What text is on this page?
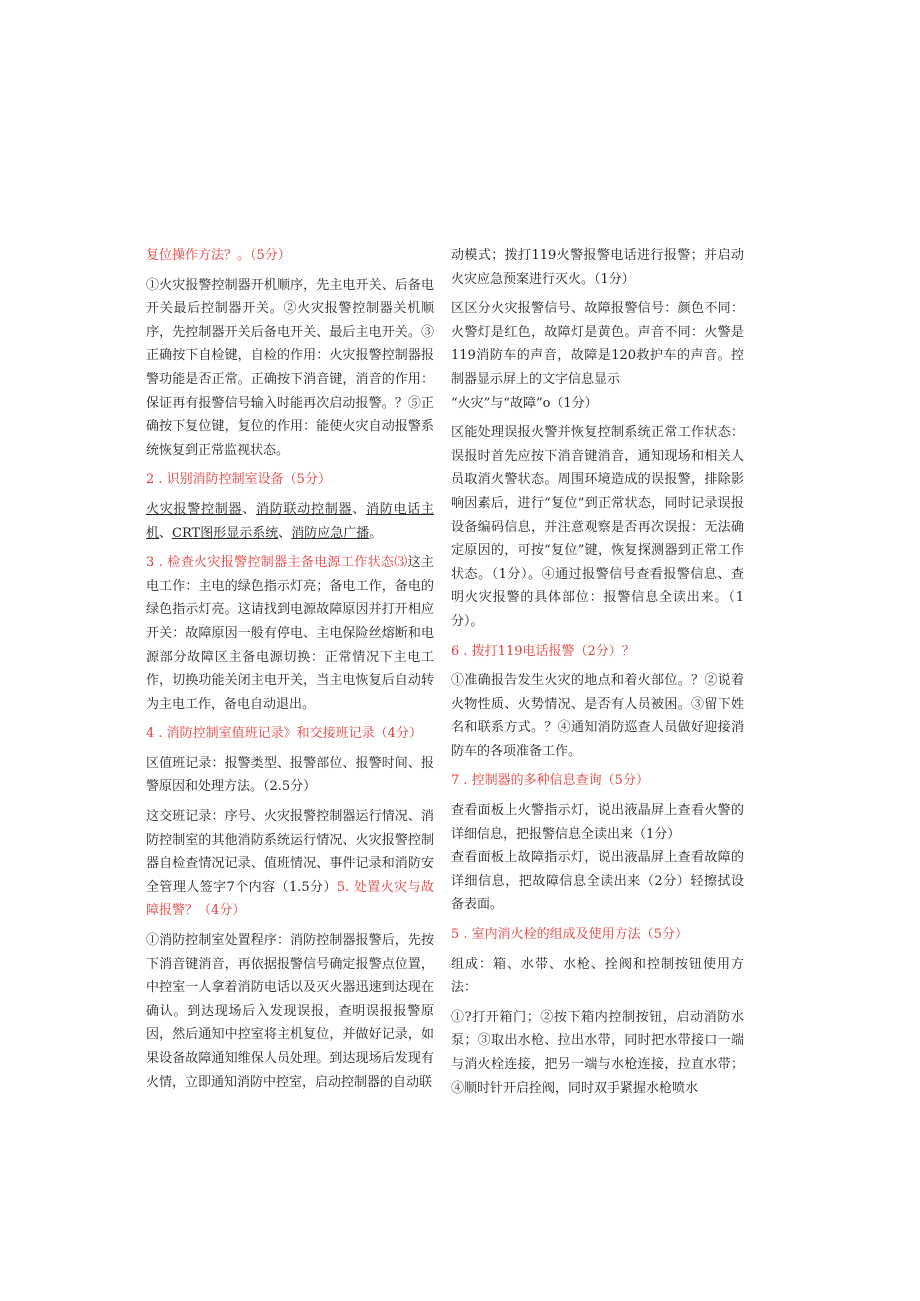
复位操作方法？。（5分）

①火灾报警控制器开机顺序，先主电开关、后备电开关最后控制器开关。②火灾报警控制器关机顺序，先控制器开关后备电开关、最后主电开关。③正确按下自检键，自检的作用：火灾报警控制器报警功能是否正常。正确按下消音键，消音的作用：保证再有报警信号输入时能再次启动报警。？⑤正确按下复位键，复位的作用：能使火灾自动报警系统恢复到正常监视状态。

2 . 识别消防控制室设备（5分）

火灾报警控制器、消防联动控制器、消防电话主机、CRT图形显示系统、消防应急广播。

3 . 检查火灾报警控制器主备电源工作状态⑶这主电工作：主电的绿色指示灯亮；备电工作，备电的绿色指示灯亮。这请找到电源故障原因并打开相应开关：故障原因一般有停电、主电保险丝熔断和电源部分故障区主备电源切换：正常情况下主电工作，切换功能关闭主电开关，当主电恢复后自动转为主电工作，备电自动退出。

4 . 消防控制室值班记录》和交接班记录（4分）

区值班记录：报警类型、报警部位、报警时间、报警原因和处理方法。（2.5分）

这交班记录：序号、火灾报警控制器运行情况、消防控制室的其他消防系统运行情况、火灾报警控制器自检查情况记录、值班情况、事件记录和消防安全管理人签字7个内容（1.5分）5. 处置火灾与故障报警？（4分）

①消防控制室处置程序：消防控制器报警后，先按下消音键消音，再依据报警信号确定报警点位置，中控室一人拿着消防电话以及灭火器迅速到达现在确认。到达现场后入发现误报，查明误报报警原因，然后通知中控室将主机复位，并做好记录，如果设备故障通知维保人员处理。到达现场后发现有火情，立即通知消防中控室，启动控制器的自动联

动模式；拨打119火警报警电话进行报警；并启动火灾应急预案进行灭火。（1分）

区区分火灾报警信号、故障报警信号：颜色不同：火警灯是红色，故障灯是黄色。声音不同：火警是119消防车的声音，故障是120救护车的声音。控制器显示屏上的文字信息显示

“火灾”与“故障”o（1分）

区能处理误报火警并恢复控制系统正常工作状态：误报时首先应按下消音键消音，通知现场和相关人员取消火警状态。周围环境造成的误报警，排除影响因素后，进行“复位”到正常状态，同时记录误报设备编码信息，并注意观察是否再次误报：无法确定原因的，可按“复位”键，恢复探测器到正常工作状态。（1分）。④通过报警信号查看报警信息、查明火灾报警的具体部位：报警信息全读出来。（1分）。

6 . 拨打119电话报警（2分）？

①准确报告发生火灾的地点和着火部位。？②说着火物性质、火势情况、是否有人员被困。③留下姓名和联系方式。？④通知消防巡查人员做好迎接消防车的各项准备工作。

7 . 控制器的多种信息查询（5分）

查看面板上火警指示灯，说出液晶屏上查看火警的详细信息，把报警信息全读出来（1分）

查看面板上故障指示灯，说出液晶屏上查看故障的详细信息，把故障信息全读出来（2分）轻擦拭设备表面。

5 . 室内消火栓的组成及使用方法（5分）

组成：箱、水带、水枪、拴阀和控制按钮使用方法：

①?打开箱门；②按下箱内控制按钮，启动消防水泵；③取出水枪、拉出水带，同时把水带接口一端与消火栓连接，把另一端与水枪连接，拉直水带；④顺时针开启拴阀，同时双手紧握水枪喷水
